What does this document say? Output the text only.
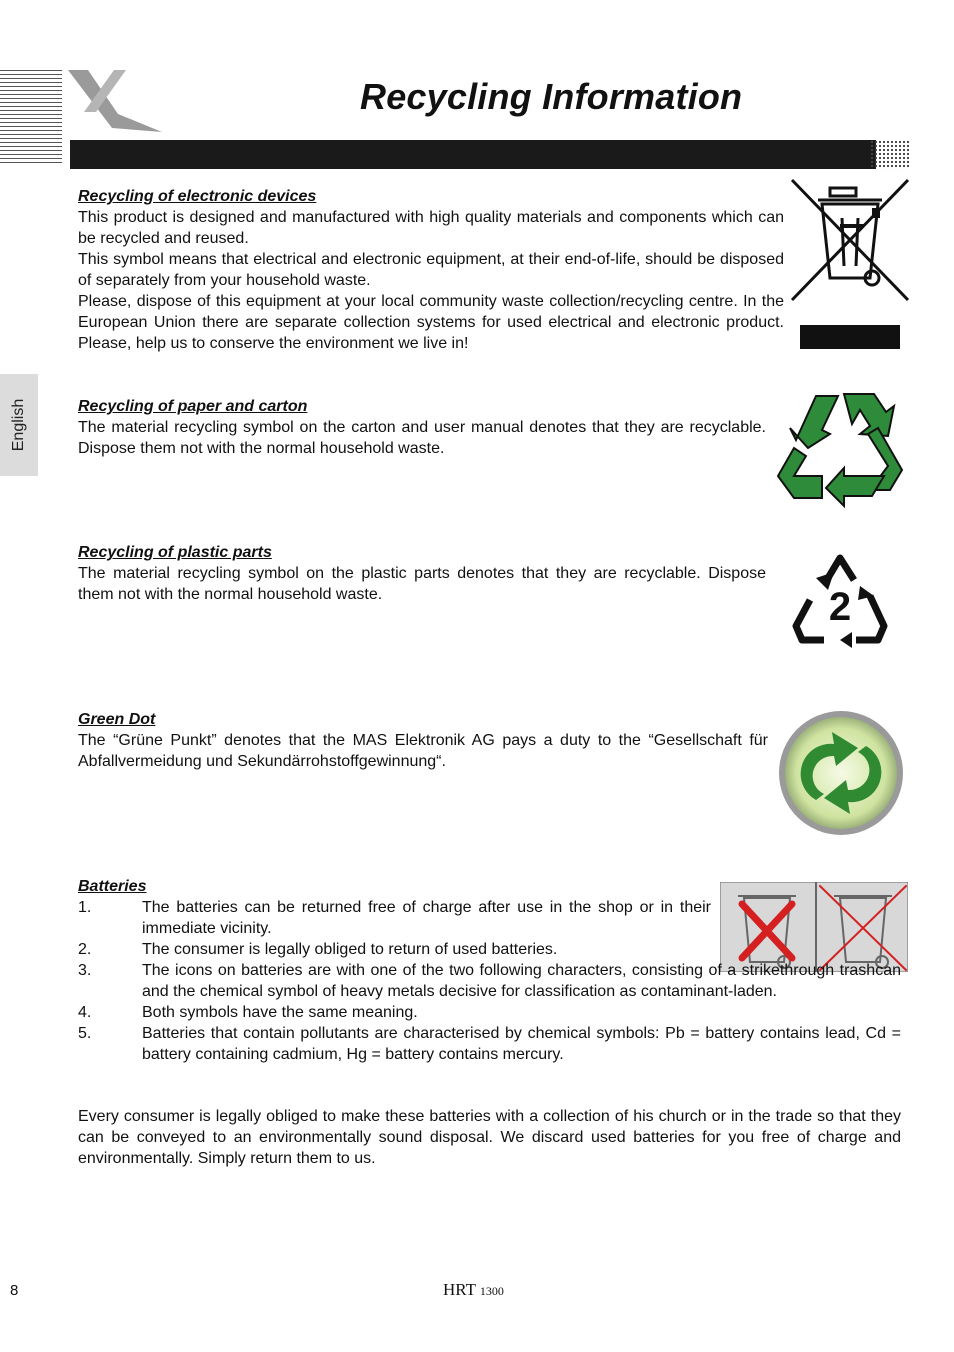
Recycling Information
English
Recycling of electronic devices
This product is designed and manufactured with high quality materials and components which can be recycled and reused.
This symbol means that electrical and electronic equipment, at their end-of-life, should be disposed of separately from your household waste.
Please, dispose of this equipment at your local community waste collection/recycling centre. In the European Union there are separate collection systems for used electrical and electronic product. Please, help us to conserve the environment we live in!
Recycling of paper and carton
The material recycling symbol on the carton and user manual denotes that they are recyclable. Dispose them not with the normal household waste.
Recycling of plastic parts
The material recycling symbol on the plastic parts denotes that they are recyclable. Dispose them not with the normal household waste.	2
Green Dot
The “Grüne Punkt” denotes that the MAS Elektronik AG pays a duty to the “Gesellschaft für Abfallvermeidung und Sekundärrohstoffgewinnung“.
Batteries
1.	The batteries can be returned free of charge after use in the shop or in their immediate vicinity.
2.	The consumer is legally obliged to return of used batteries.
3.	The icons on batteries are with one of the two following characters, consisting of a strikethrough trashcan and the chemical symbol of heavy metals decisive for classification as contaminant-laden.
4.	Both symbols have the same meaning.
5.	Batteries that contain pollutants are characterised by chemical symbols: Pb = battery contains lead, Cd = battery containing cadmium, Hg = battery contains mercury.
Every consumer is legally obliged to make these batteries with a collection of his church or in the trade so that they can be conveyed to an environmentally sound disposal. We discard used batteries for you free of charge and environmentally. Simply return them to us.
8	HRT 1300
